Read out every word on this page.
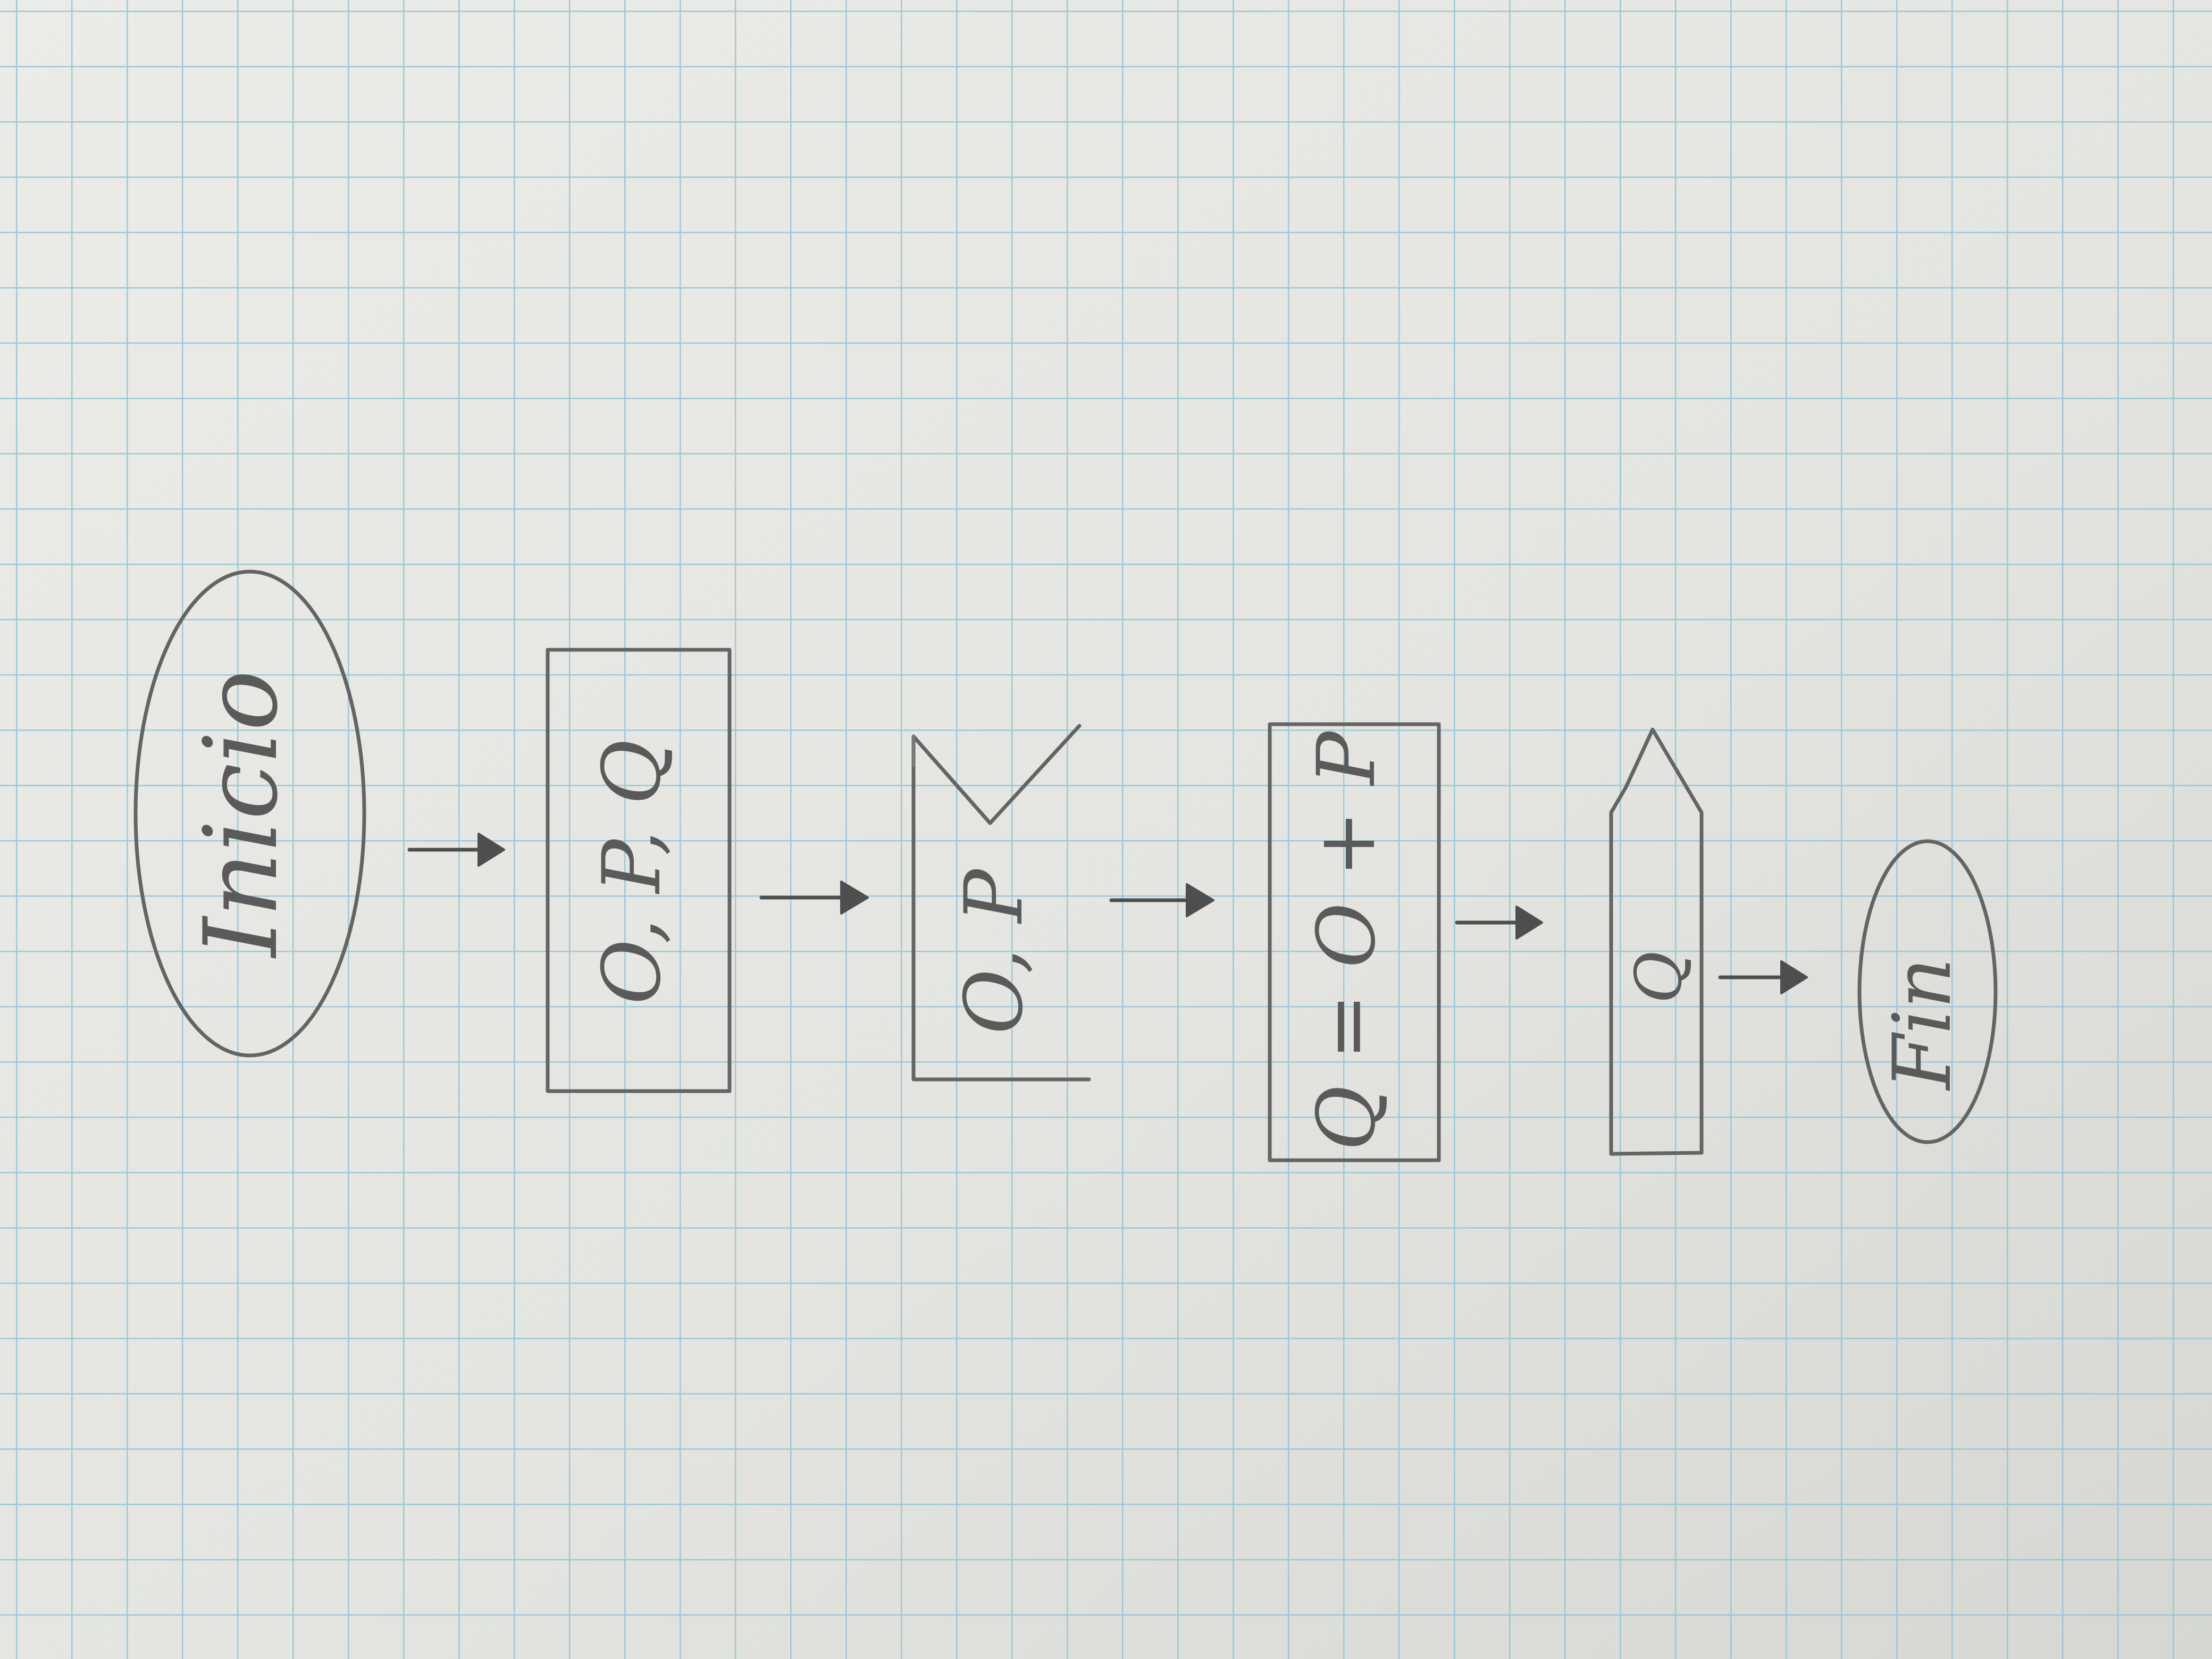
Inicio	O, P, Q	O, P	Q = O + P	Q Fin
